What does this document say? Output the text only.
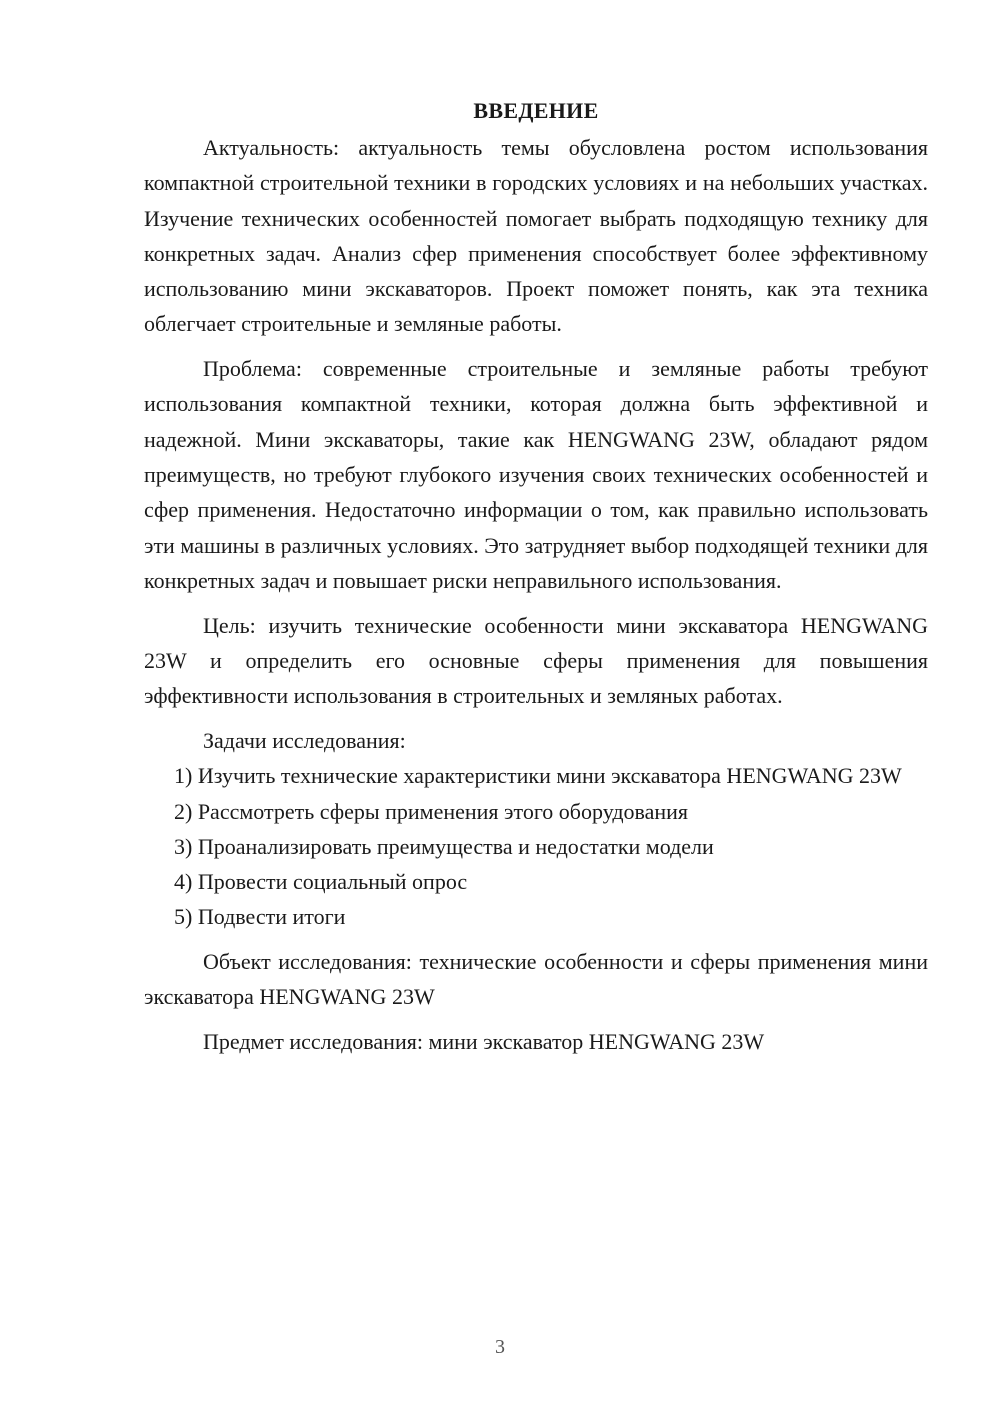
ВВЕДЕНИЕ

Актуальность: актуальность темы обусловлена ростом использования компактной строительной техники в городских условиях и на небольших участках. Изучение технических особенностей помогает выбрать подходящую технику для конкретных задач. Анализ сфер применения способствует более эффективному использованию мини экскаваторов. Проект поможет понять, как эта техника облегчает строительные и земляные работы.

Проблема: современные строительные и земляные работы требуют использования компактной техники, которая должна быть эффективной и надежной. Мини экскаваторы, такие как HENGWANG 23W, обладают рядом преимуществ, но требуют глубокого изучения своих технических особенностей и сфер применения. Недостаточно информации о том, как правильно использовать эти машины в различных условиях. Это затрудняет выбор подходящей техники для конкретных задач и повышает риски неправильного использования.

Цель: изучить технические особенности мини экскаватора HENGWANG 23W и определить его основные сферы применения для повышения эффективности использования в строительных и земляных работах.

Задачи исследования:

1) Изучить технические характеристики мини экскаватора HENGWANG 23W

2) Рассмотреть сферы применения этого оборудования

3) Проанализировать преимущества и недостатки модели

4) Провести социальный опрос

5) Подвести итоги

Объект исследования: технические особенности и сферы применения мини экскаватора HENGWANG 23W

Предмет исследования: мини экскаватор HENGWANG 23W

3
